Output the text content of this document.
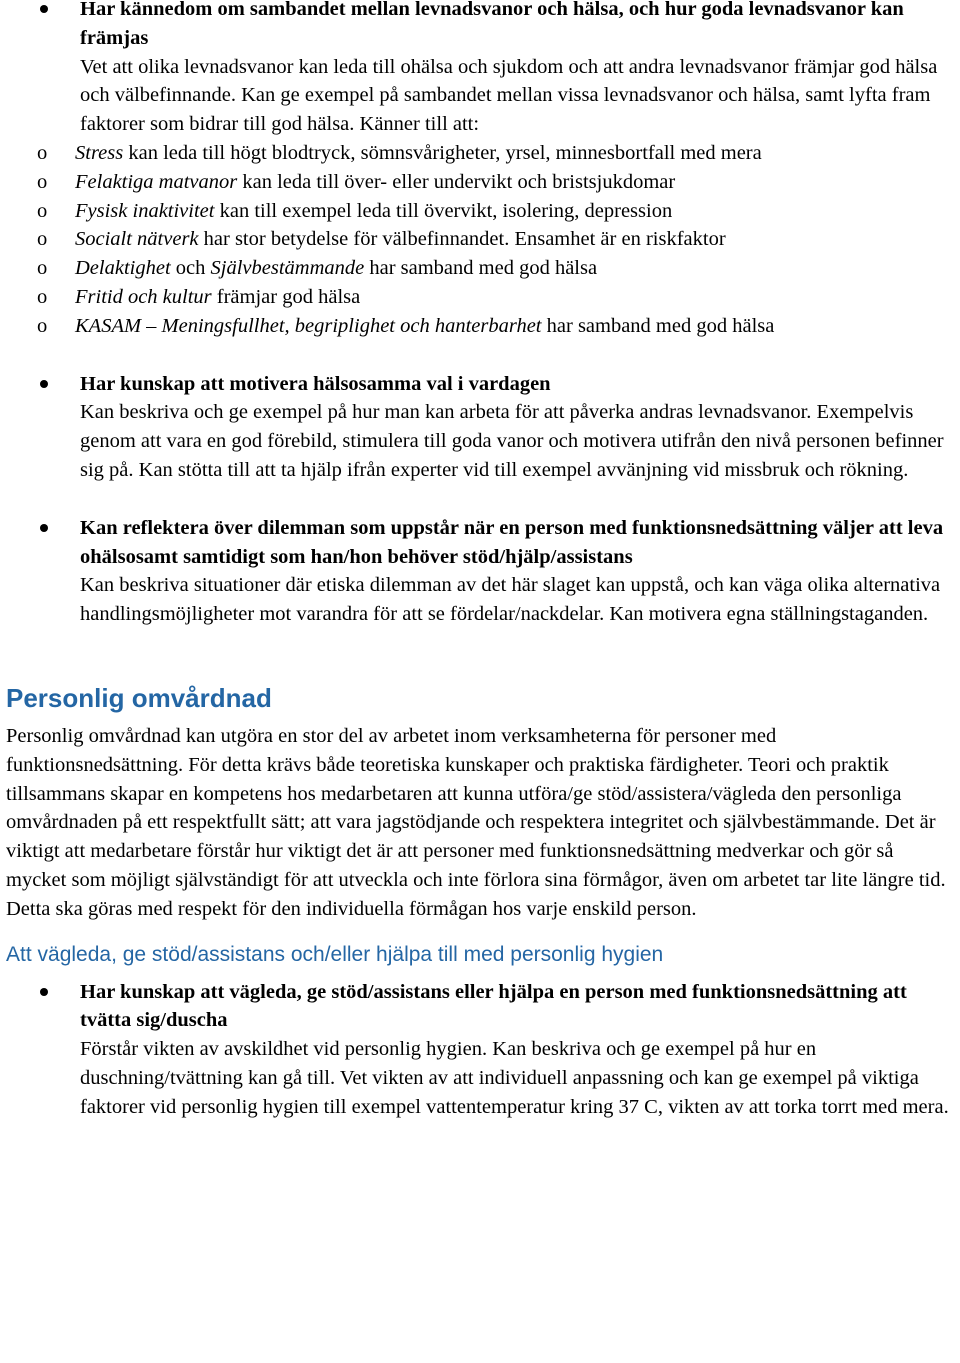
Har kännedom om sambandet mellan levnadsvanor och hälsa, och hur goda levnadsvanor kan främjas
Vet att olika levnadsvanor kan leda till ohälsa och sjukdom och att andra levnadsvanor främjar god hälsa och välbefinnande. Kan ge exempel på sambandet mellan vissa levnadsvanor och hälsa, samt lyfta fram faktorer som bidrar till god hälsa. Känner till att:
o Stress kan leda till högt blodtryck, sömnsvårigheter, yrsel, minnesbortfall med mera
o Felaktiga matvanor kan leda till över- eller undervikt och bristsjukdomar
o Fysisk inaktivitet kan till exempel leda till övervikt, isolering, depression
o Socialt nätverk har stor betydelse för välbefinnandet. Ensamhet är en riskfaktor
o Delaktighet och Självbestämmande har samband med god hälsa
o Fritid och kultur främjar god hälsa
o KASAM – Meningsfullhet, begriplighet och hanterbarhet har samband med god hälsa
Har kunskap att motivera hälsosamma val i vardagen
Kan beskriva och ge exempel på hur man kan arbeta för att påverka andras levnadsvanor. Exempelvis genom att vara en god förebild, stimulera till goda vanor och motivera utifrån den nivå personen befinner sig på. Kan stötta till att ta hjälp ifrån experter vid till exempel avvänjning vid missbruk och rökning.
Kan reflektera över dilemman som uppstår när en person med funktionsnedsättning väljer att leva ohälsosamt samtidigt som han/hon behöver stöd/hjälp/assistans
Kan beskriva situationer där etiska dilemman av det här slaget kan uppstå, och kan väga olika alternativa handlingsmöjligheter mot varandra för att se fördelar/nackdelar. Kan motivera egna ställningstaganden.
Personlig omvårdnad

Personlig omvårdnad kan utgöra en stor del av arbetet inom verksamheterna för personer med funktionsnedsättning. För detta krävs både teoretiska kunskaper och praktiska färdigheter. Teori och praktik tillsammans skapar en kompetens hos medarbetaren att kunna utföra/ge stöd/assistera/vägleda den personliga omvårdnaden på ett respektfullt sätt; att vara jagstödjande och respektera integritet och självbestämmande. Det är viktigt att medarbetare förstår hur viktigt det är att personer med funktionsnedsättning medverkar och gör så mycket som möjligt självständigt för att utveckla och inte förlora sina förmågor, även om arbetet tar lite längre tid. Detta ska göras med respekt för den individuella förmågan hos varje enskild person.

Att vägleda, ge stöd/assistans och/eller hjälpa till med personlig hygien
Har kunskap att vägleda, ge stöd/assistans eller hjälpa en person med funktionsnedsättning att tvätta sig/duscha
Förstår vikten av avskildhet vid personlig hygien. Kan beskriva och ge exempel på hur en duschning/tvättning kan gå till. Vet vikten av att individuell anpassning och kan ge exempel på viktiga faktorer vid personlig hygien till exempel vattentemperatur kring 37 C, vikten av att torka torrt med mera.
